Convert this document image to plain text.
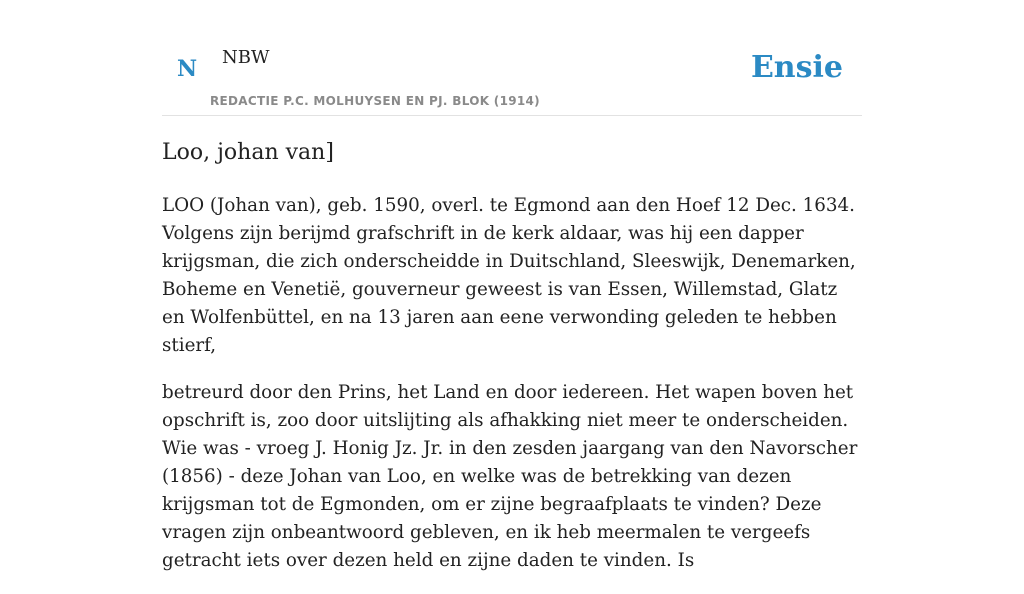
N NBW
REDACTIE P.C. MOLHUYSEN EN PJ. BLOK (1914)
Ensie
Loo, johan van]

LOO (Johan van), geb. 1590, overl. te Egmond aan den Hoef 12 Dec. 1634. Volgens zijn berijmd grafschrift in de kerk aldaar, was hij een dapper krijgsman, die zich onderscheidde in Duitschland, Sleeswijk, Denemarken, Boheme en Venetië, gouverneur geweest is van Essen, Willemstad, Glatz en Wolfenbüttel, en na 13 jaren aan eene verwonding geleden te hebben stierf,

betreurd door den Prins, het Land en door iedereen. Het wapen boven het opschrift is, zoo door uitslijting als afhakking niet meer te onderscheiden. Wie was - vroeg J. Honig Jz. Jr. in den zesden jaargang van den Navorscher (1856) - deze Johan van Loo, en welke was de betrekking van dezen krijgsman tot de Egmonden, om er zijne begraafplaats te vinden? Deze vragen zijn onbeantwoord gebleven, en ik heb meermalen te vergeefs getracht iets over dezen held en zijne daden te vinden. Is
